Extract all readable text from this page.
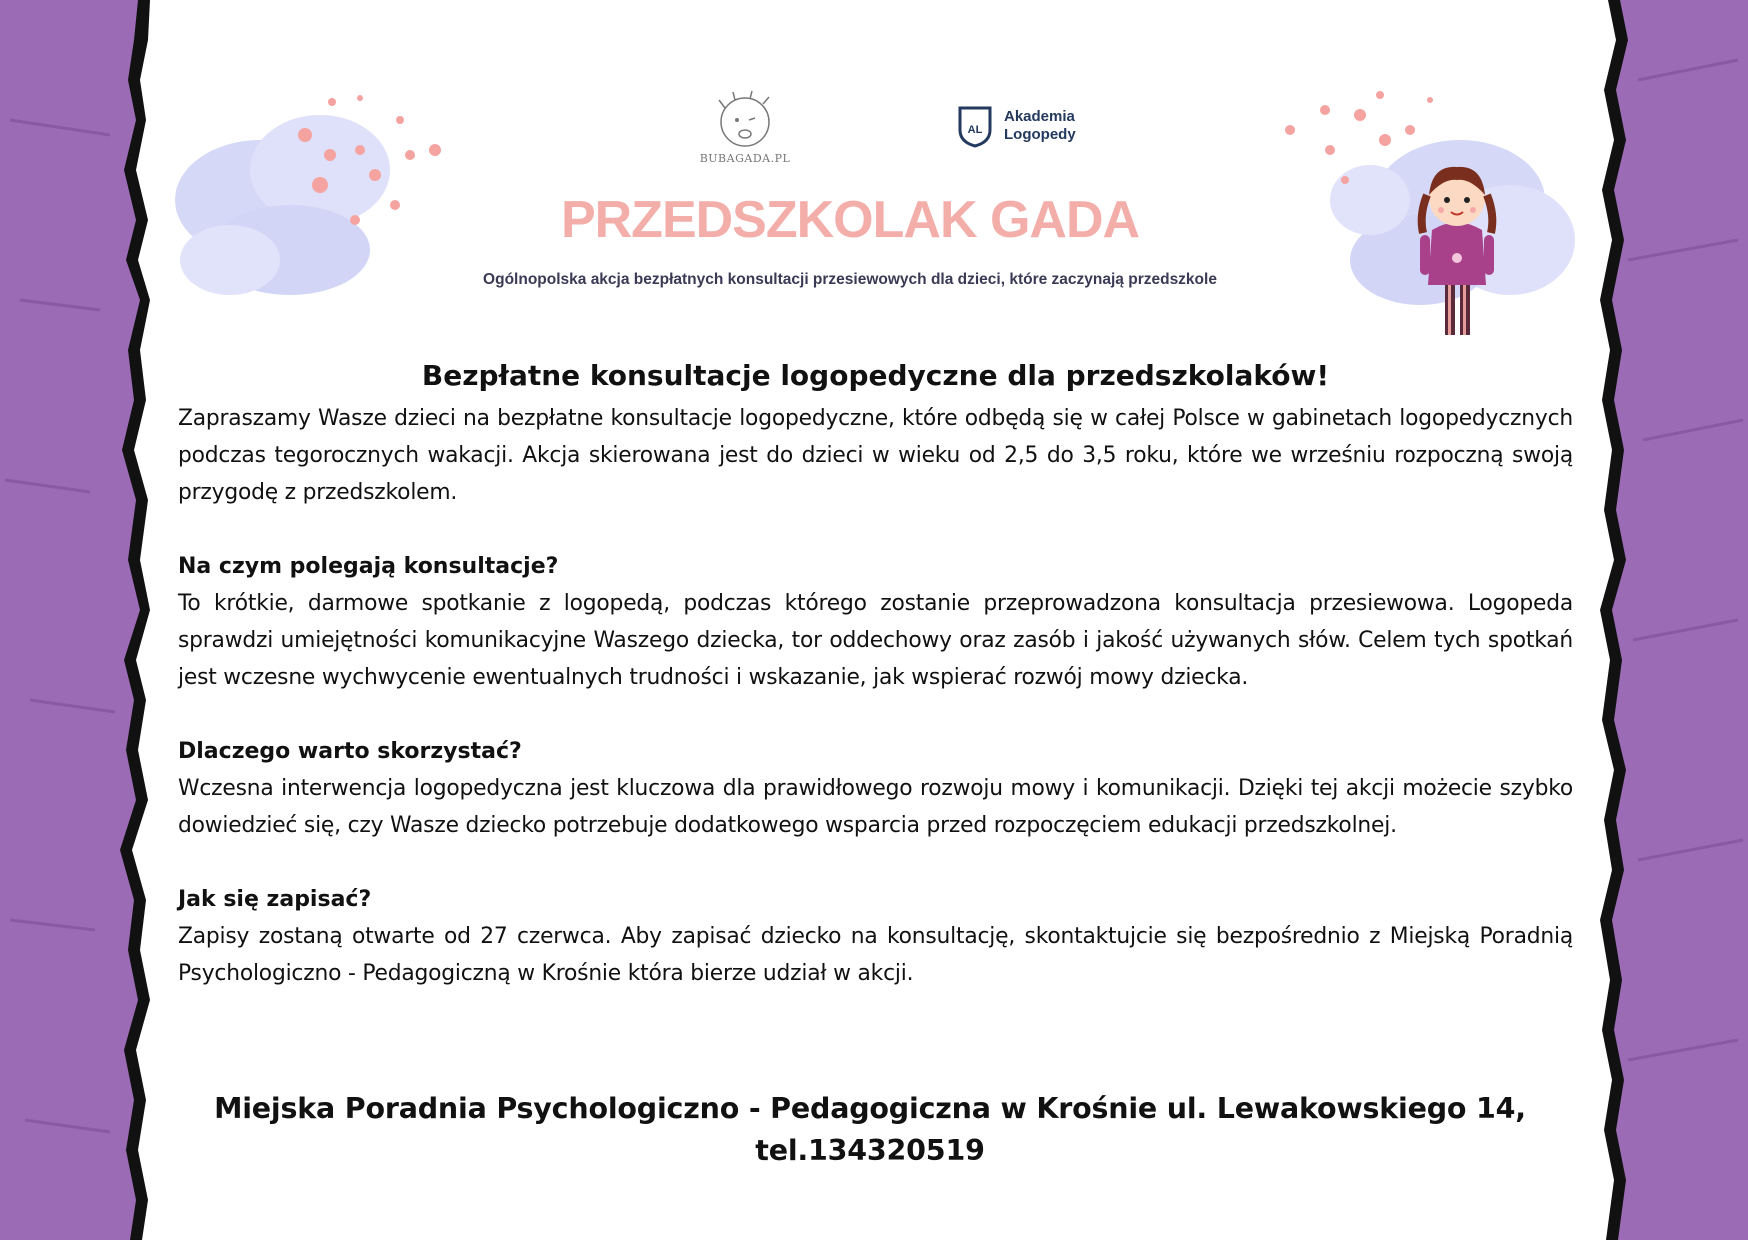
BUBAGADA.PL
AL
Akademia
Logopedy
PRZEDSZKOLAK GADA
Ogólnopolska akcja bezpłatnych konsultacji przesiewowych dla dzieci, które zaczynają przedszkole
Bezpłatne konsultacje logopedyczne dla przedszkolaków!

Zapraszamy Wasze dzieci na bezpłatne konsultacje logopedyczne, które odbędą się w całej Polsce w gabinetach logopedycznych podczas tegorocznych wakacji. Akcja skierowana jest do dzieci w wieku od 2,5 do 3,5 roku, które we wrześniu rozpoczną swoją przygodę z przedszkolem.

Na czym polegają konsultacje?

To krótkie, darmowe spotkanie z logopedą, podczas którego zostanie przeprowadzona konsultacja przesiewowa. Logopeda sprawdzi umiejętności komunikacyjne Waszego dziecka, tor oddechowy oraz zasób i jakość używanych słów. Celem tych spotkań jest wczesne wychwycenie ewentualnych trudności i wskazanie, jak wspierać rozwój mowy dziecka.

Dlaczego warto skorzystać?

Wczesna interwencja logopedyczna jest kluczowa dla prawidłowego rozwoju mowy i komunikacji. Dzięki tej akcji możecie szybko dowiedzieć się, czy Wasze dziecko potrzebuje dodatkowego wsparcia przed rozpoczęciem edukacji przedszkolnej.

Jak się zapisać?

Zapisy zostaną otwarte od 27 czerwca. Aby zapisać dziecko na konsultację, skontaktujcie się bezpośrednio z Miejską Poradnią Psychologiczno - Pedagogiczną w Krośnie która bierze udział w akcji.

Miejska Poradnia Psychologiczno - Pedagogiczna w Krośnie ul. Lewakowskiego 14,
tel.134320519
